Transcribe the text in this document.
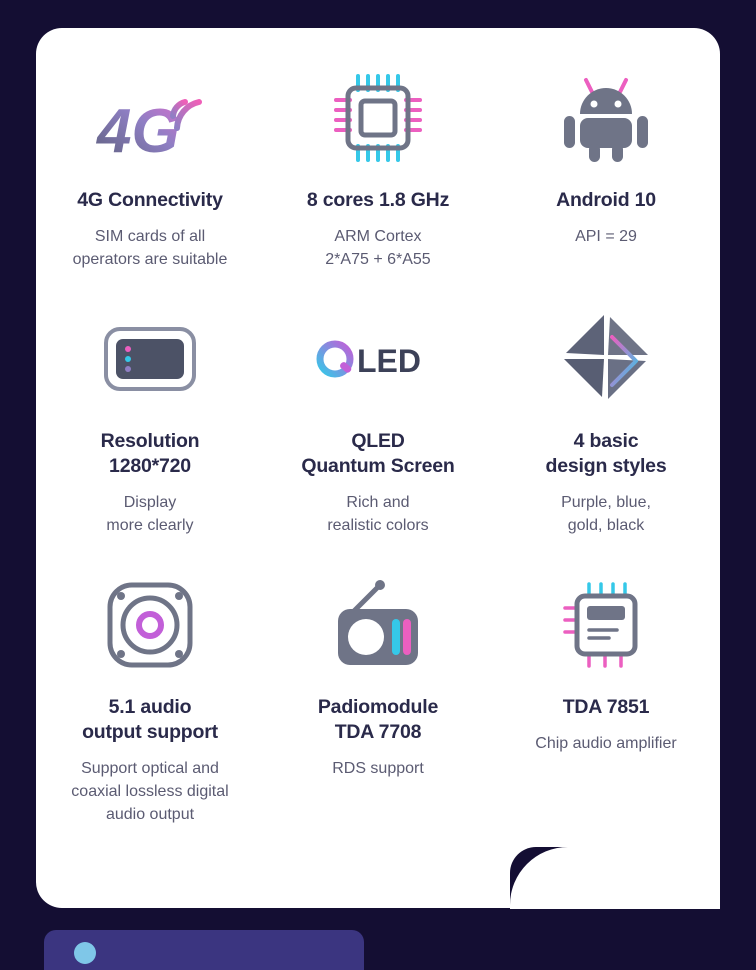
4G
4G Connectivity
SIM cards of all
operators are suitable
8 cores 1.8 GHz
ARM Cortex
2*A75 + 6*A55
Android 10
API = 29
Resolution
1280*720
Display
more clearly
LED
QLED
Quantum Screen
Rich and
realistic colors
4 basic
design styles
Purple, blue,
gold, black
5.1 audio
output support
Support optical and
coaxial lossless digital
audio output
Padiomodule
TDA 7708
RDS support
TDA 7851
Chip audio amplifier
